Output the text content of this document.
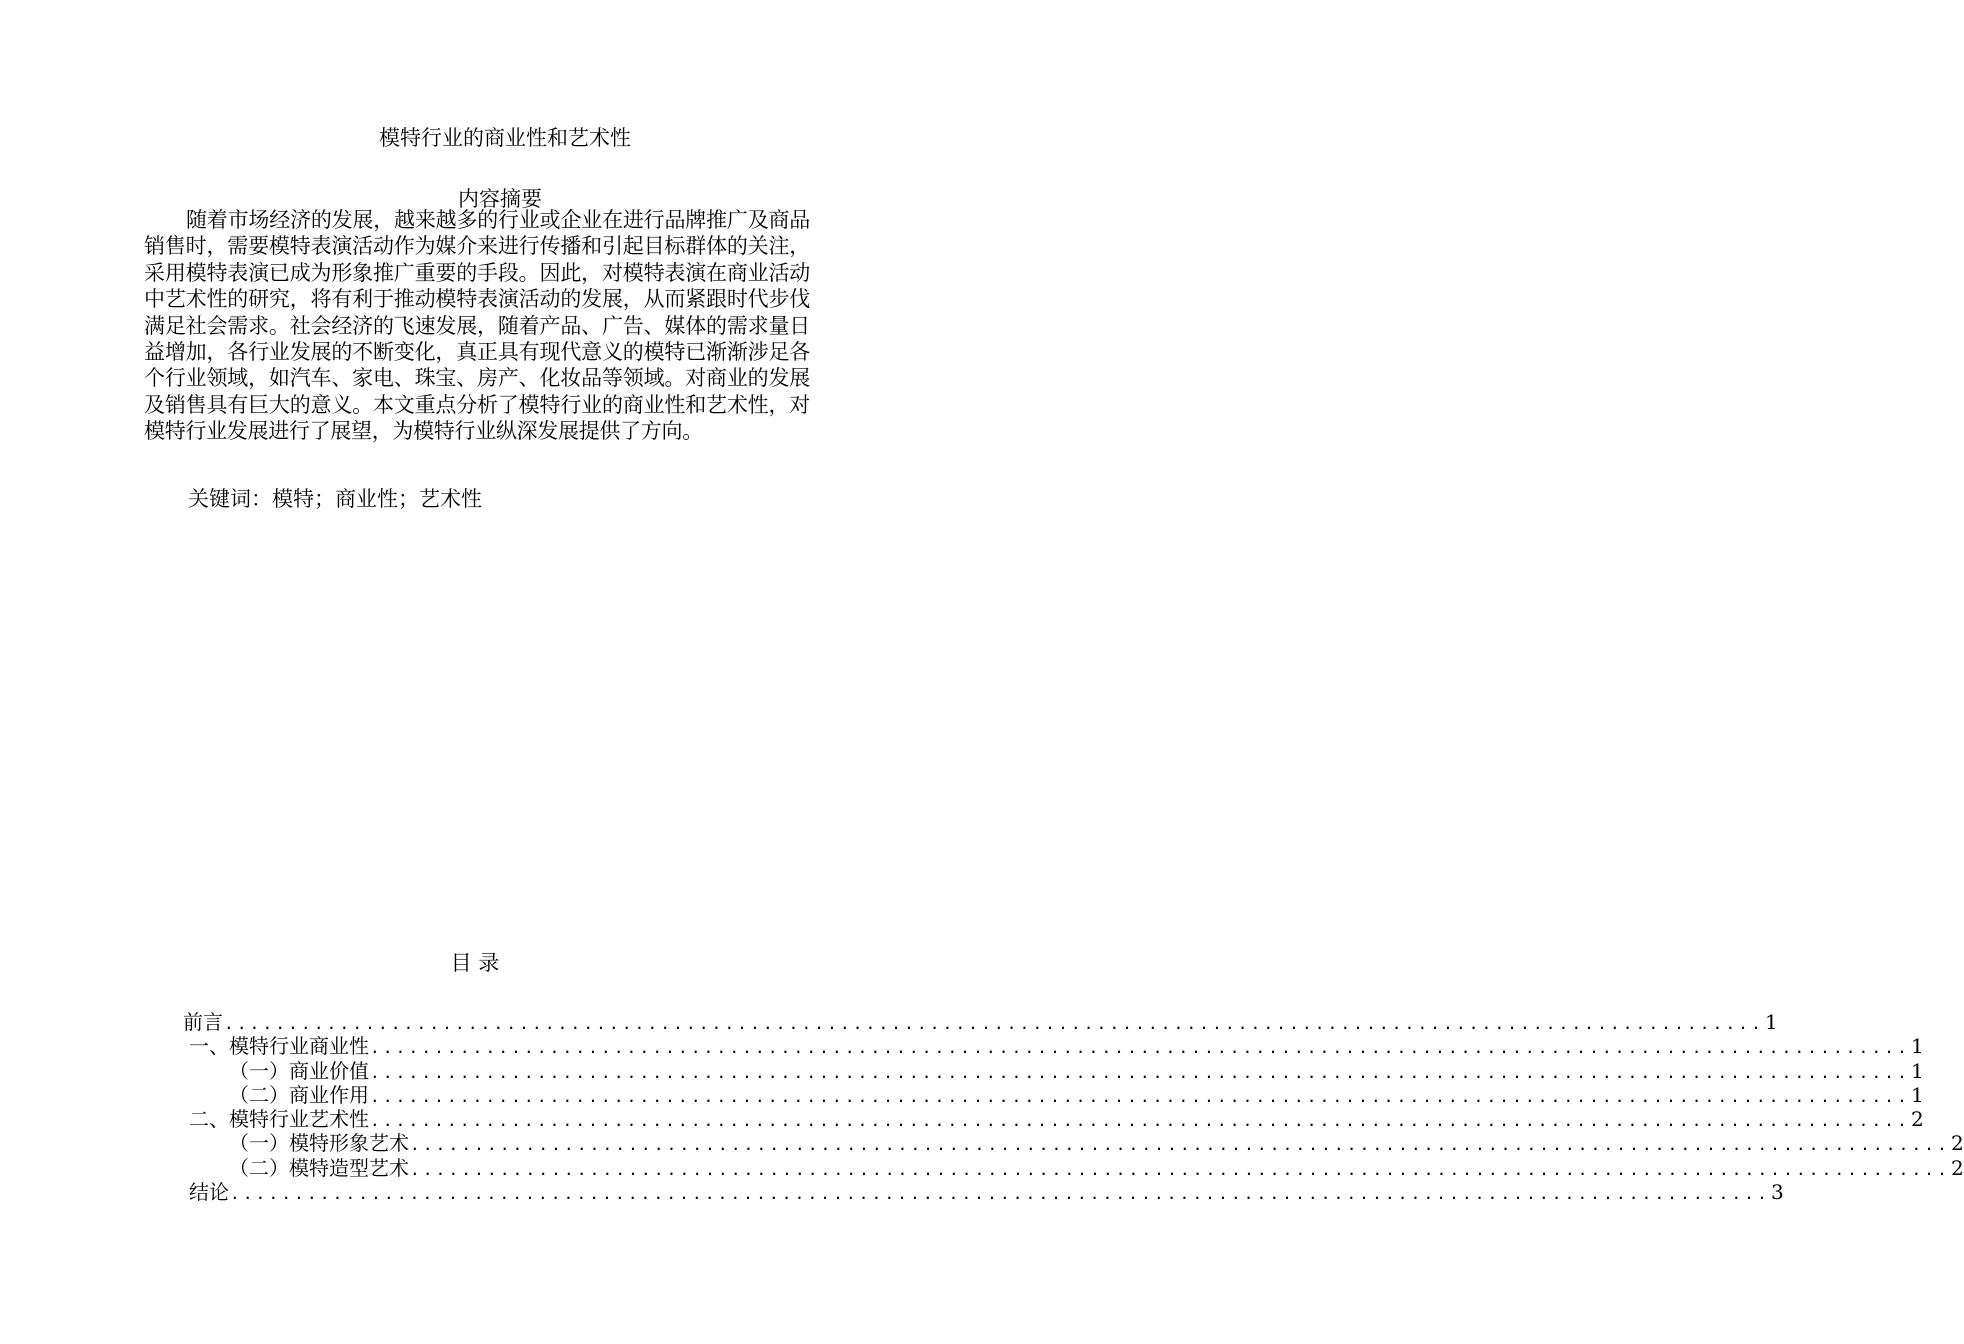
模特行业的商业性和艺术性
内容摘要

随着市场经济的发展，越来越多的行业或企业在进行品牌推广及商品销售时，需要模特表演活动作为媒介来进行传播和引起目标群体的关注，采用模特表演已成为形象推广重要的手段。因此，对模特表演在商业活动中艺术性的研究，将有利于推动模特表演活动的发展，从而紧跟时代步伐满足社会需求。社会经济的飞速发展，随着产品、广告、媒体的需求量日益增加，各行业发展的不断变化，真正具有现代意义的模特已渐渐涉足各个行业领域，如汽车、家电、珠宝、房产、化妆品等领域。对商业的发展及销售具有巨大的意义。本文重点分析了模特行业的商业性和艺术性，对模特行业发展进行了展望，为模特行业纵深发展提供了方向。

关键词：模特；商业性；艺术性
目 录
前言 ........................................................................................................................ 1
一、模特行业商业性 ........................................................................................................................ 1
（一）商业价值 ........................................................................................................................ 1
（二）商业作用 ........................................................................................................................ 1
二、模特行业艺术性 ........................................................................................................................ 2
（一）模特形象艺术 ........................................................................................................................ 2
（二）模特造型艺术 ........................................................................................................................ 2
结论 ........................................................................................................................ 3
